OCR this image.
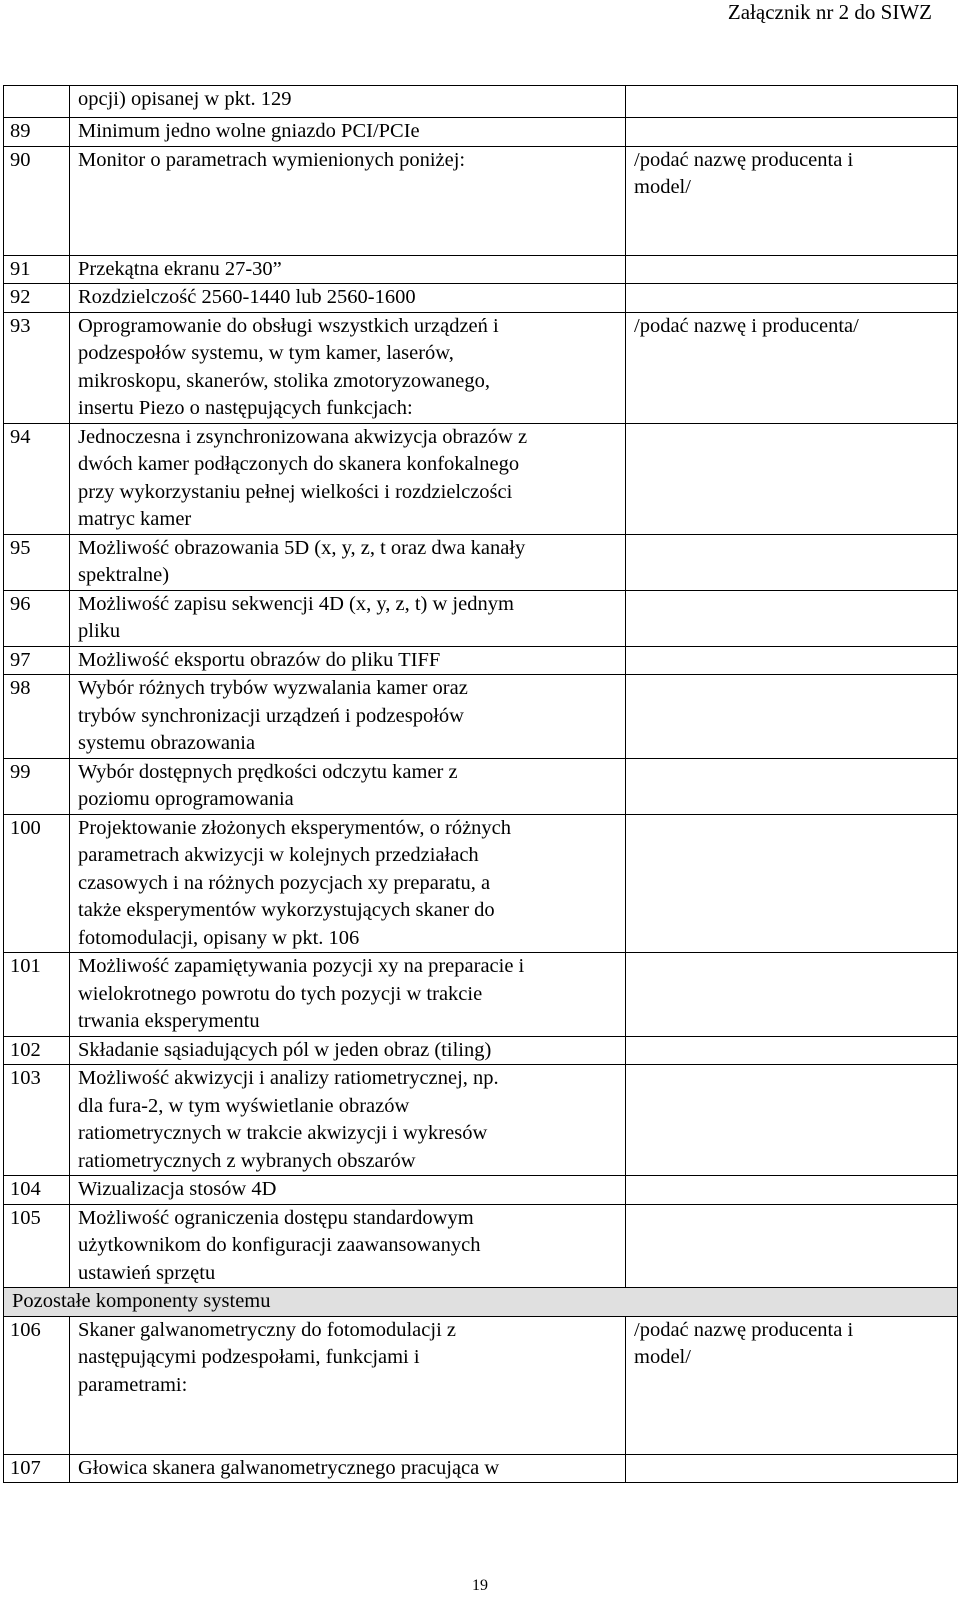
Załącznik nr 2 do SIWZ
	opcji) opisanej w pkt. 129	
89	Minimum jedno wolne gniazdo PCI/PCIe	
90	Monitor o parametrach wymienionych poniżej:	/podać nazwę producenta i
model/
91	Przekątna ekranu 27-30”	
92	Rozdzielczość 2560-1440 lub 2560-1600	
93	Oprogramowanie do obsługi wszystkich urządzeń i
podzespołów systemu, w tym kamer, laserów,
mikroskopu, skanerów, stolika zmotoryzowanego,
insertu Piezo o następujących funkcjach:	/podać nazwę i producenta/
94	Jednoczesna i zsynchronizowana akwizycja obrazów z
dwóch kamer podłączonych do skanera konfokalnego
przy wykorzystaniu pełnej wielkości i rozdzielczości
matryc kamer	
95	Możliwość obrazowania 5D (x, y, z, t oraz dwa kanały
spektralne)	
96	Możliwość zapisu sekwencji 4D (x, y, z, t) w jednym
pliku	
97	Możliwość eksportu obrazów do pliku TIFF	
98	Wybór różnych trybów wyzwalania kamer oraz
trybów synchronizacji urządzeń i podzespołów
systemu obrazowania	
99	Wybór dostępnych prędkości odczytu kamer z
poziomu oprogramowania	
100	Projektowanie złożonych eksperymentów, o różnych
parametrach akwizycji w kolejnych przedziałach
czasowych i na różnych pozycjach xy preparatu, a
także eksperymentów wykorzystujących skaner do
fotomodulacji, opisany w pkt. 106	
101	Możliwość zapamiętywania pozycji xy na preparacie i
wielokrotnego powrotu do tych pozycji w trakcie
trwania eksperymentu	
102	Składanie sąsiadujących pól w jeden obraz (tiling)	
103	Możliwość akwizycji i analizy ratiometrycznej, np.
dla fura-2, w tym wyświetlanie obrazów
ratiometrycznych w trakcie akwizycji i wykresów
ratiometrycznych z wybranych obszarów	
104	Wizualizacja stosów 4D	
105	Możliwość ograniczenia dostępu standardowym
użytkownikom do konfiguracji zaawansowanych
ustawień sprzętu	
Pozostałe komponenty systemu		
106	Skaner galwanometryczny do fotomodulacji z
następującymi podzespołami, funkcjami i
parametrami:	/podać nazwę producenta i
model/
107	Głowica skanera galwanometrycznego pracująca w	
19
